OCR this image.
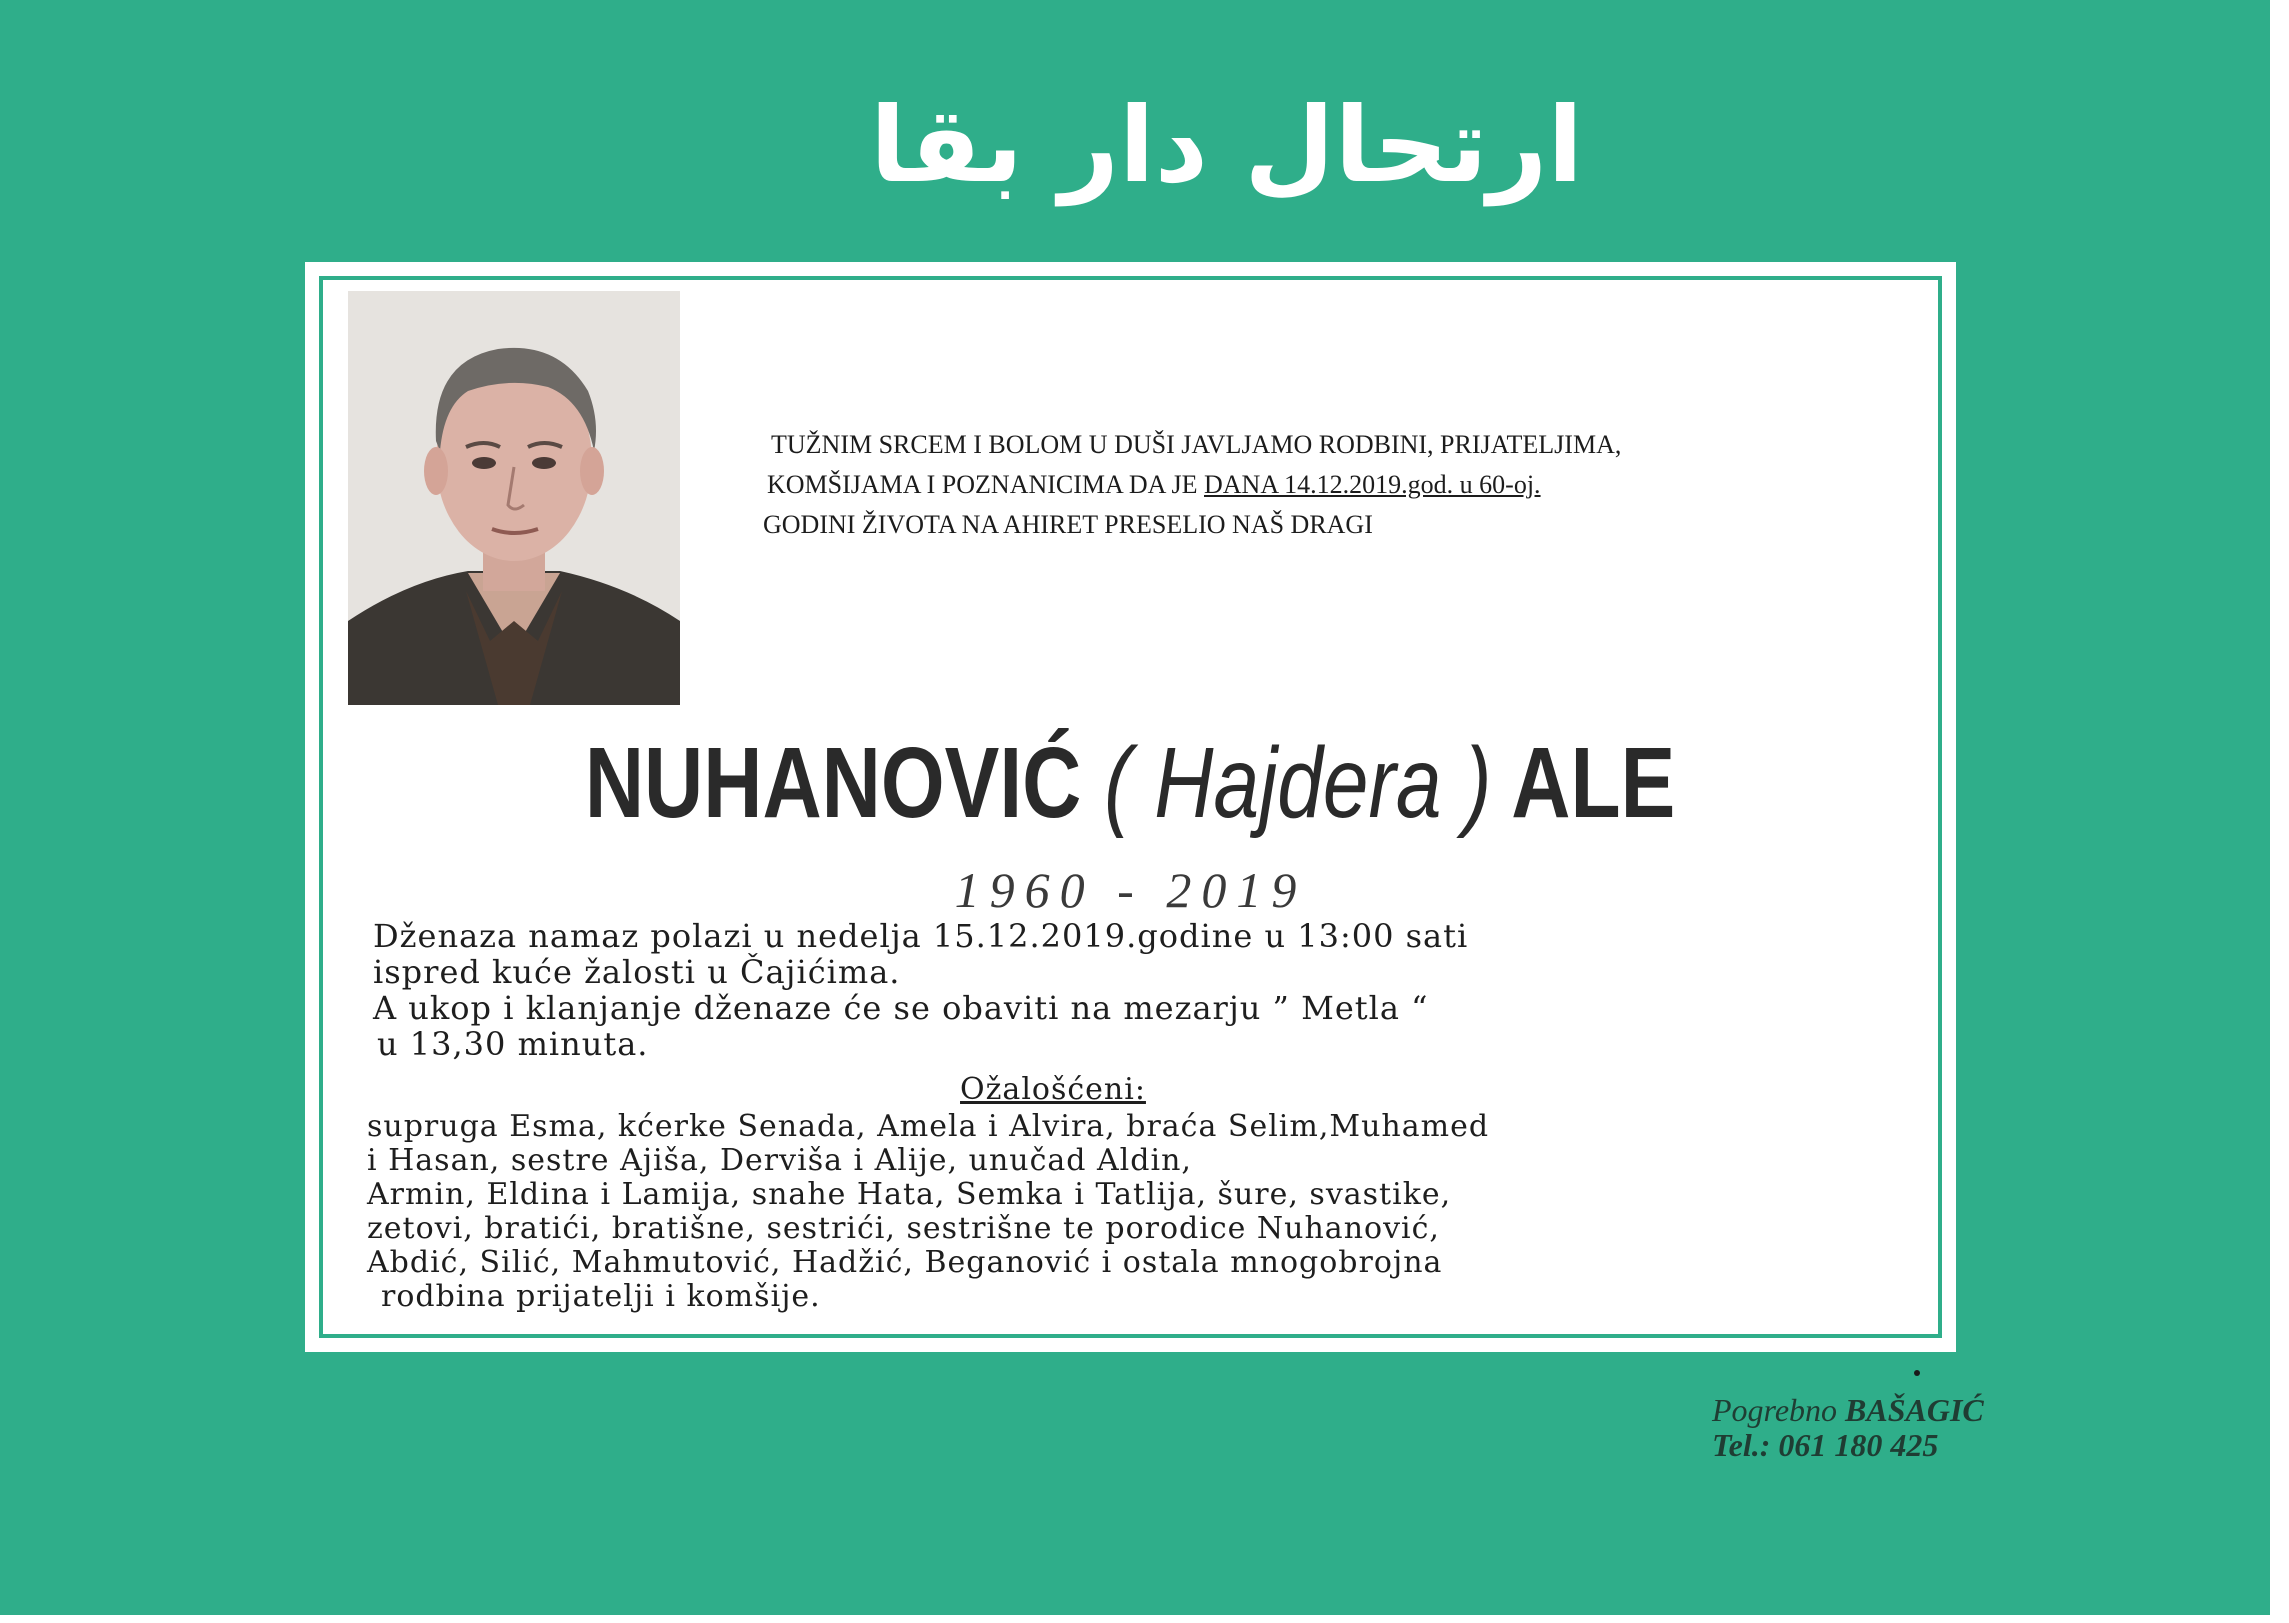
ارتحال دار بقا
TUŽNIM SRCEM I BOLOM U DUŠI JAVLJAMO RODBINI, PRIJATELJIMA,
KOMŠIJAMA I POZNANICIMA DA JE DANA 14.12.2019.god. u 60-oj.
GODINI ŽIVOTA NA AHIRET PRESELIO NAŠ DRAGI
NUHANOVIĆ ( Hajdera ) ALE
1960 - 2019
Dženaza namaz polazi u nedelja 15.12.2019.godine u 13:00 sati
ispred kuće žalosti u Čajićima.
A ukop i klanjanje dženaze će se obaviti na mezarju ” Metla “
u 13,30 minuta.
Ožalošćeni:
supruga Esma, kćerke Senada, Amela i Alvira, braća Selim,Muhamed
i Hasan, sestre Ajiša, Derviša i Alije, unučad Aldin,
Armin, Eldina i Lamija, snahe Hata, Semka i Tatlija, šure, svastike,
zetovi, bratići, bratišne, sestrići, sestrišne te porodice Nuhanović,
Abdić, Silić, Mahmutović, Hadžić, Beganović i ostala mnogobrojna
rodbina prijatelji i komšije.
Pogrebno BAŠAGIĆ
Tel.: 061 180 425
